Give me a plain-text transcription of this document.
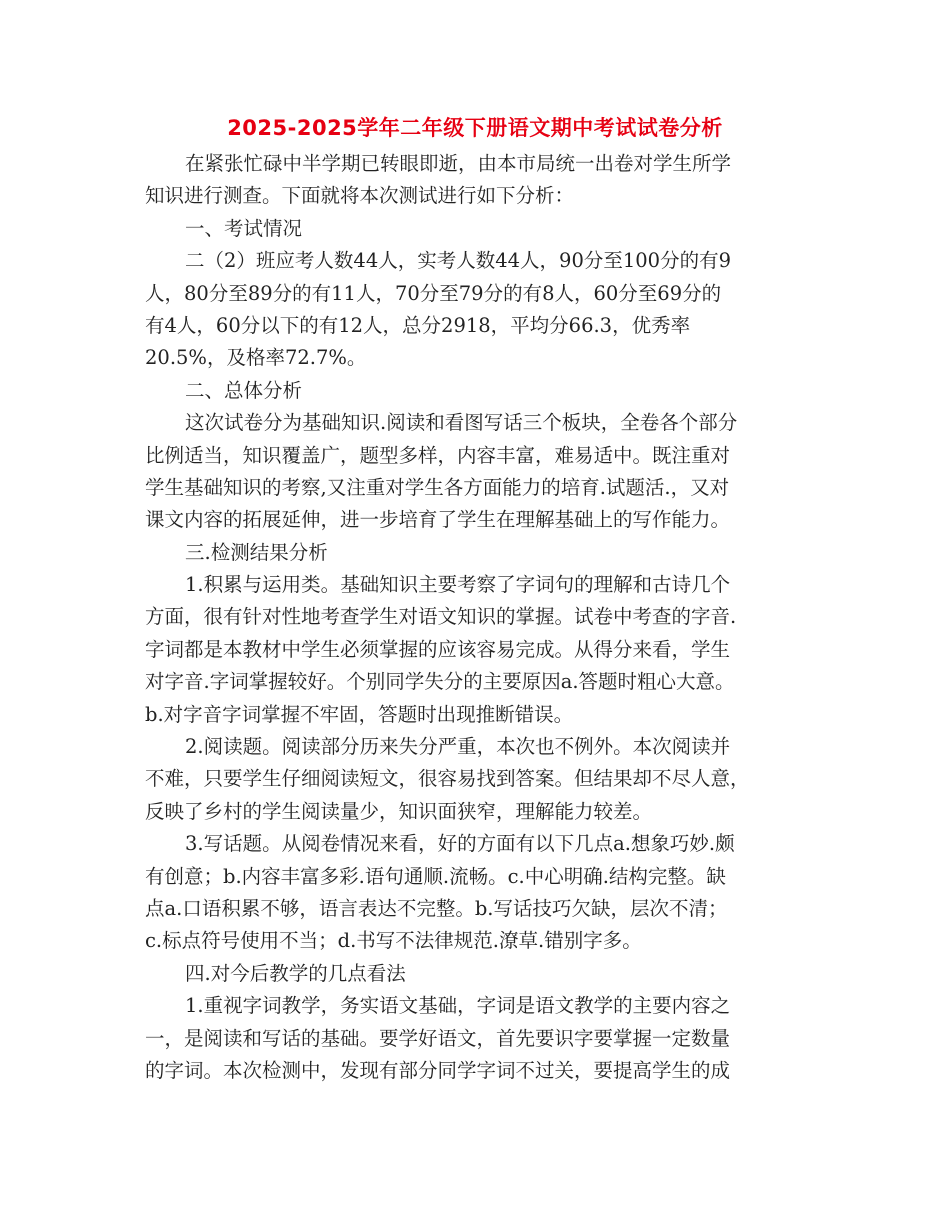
2025-2025学年二年级下册语文期中考试试卷分析
在紧张忙碌中半学期已转眼即逝，由本市局统一出卷对学生所学
知识进行测查。下面就将本次测试进行如下分析：
一、考试情况
二（2）班应考人数44人，实考人数44人，90分至100分的有9
人，80分至89分的有11人，70分至79分的有8人，60分至69分的
有4人，60分以下的有12人，总分2918，平均分66.3，优秀率
20.5%，及格率72.7%。
二、总体分析
这次试卷分为基础知识.阅读和看图写话三个板块，全卷各个部分
比例适当，知识覆盖广，题型多样，内容丰富，难易适中。既注重对
学生基础知识的考察,又注重对学生各方面能力的培育.试题活.，又对
课文内容的拓展延伸，进一步培育了学生在理解基础上的写作能力。
三.检测结果分析
1.积累与运用类。基础知识主要考察了字词句的理解和古诗几个
方面，很有针对性地考查学生对语文知识的掌握。试卷中考查的字音.
字词都是本教材中学生必须掌握的应该容易完成。从得分来看，学生
对字音.字词掌握较好。个别同学失分的主要原因a.答题时粗心大意。
b.对字音字词掌握不牢固，答题时出现推断错误。
2.阅读题。阅读部分历来失分严重，本次也不例外。本次阅读并
不难，只要学生仔细阅读短文，很容易找到答案。但结果却不尽人意，
反映了乡村的学生阅读量少，知识面狭窄，理解能力较差。
3.写话题。从阅卷情况来看，好的方面有以下几点a.想象巧妙.颇
有创意；b.内容丰富多彩.语句通顺.流畅。c.中心明确.结构完整。缺
点a.口语积累不够，语言表达不完整。b.写话技巧欠缺，层次不清；
c.标点符号使用不当；d.书写不法律规范.潦草.错别字多。
四.对今后教学的几点看法
1.重视字词教学，务实语文基础，字词是语文教学的主要内容之
一，是阅读和写话的基础。要学好语文，首先要识字要掌握一定数量
的字词。本次检测中，发现有部分同学字词不过关，要提高学生的成
